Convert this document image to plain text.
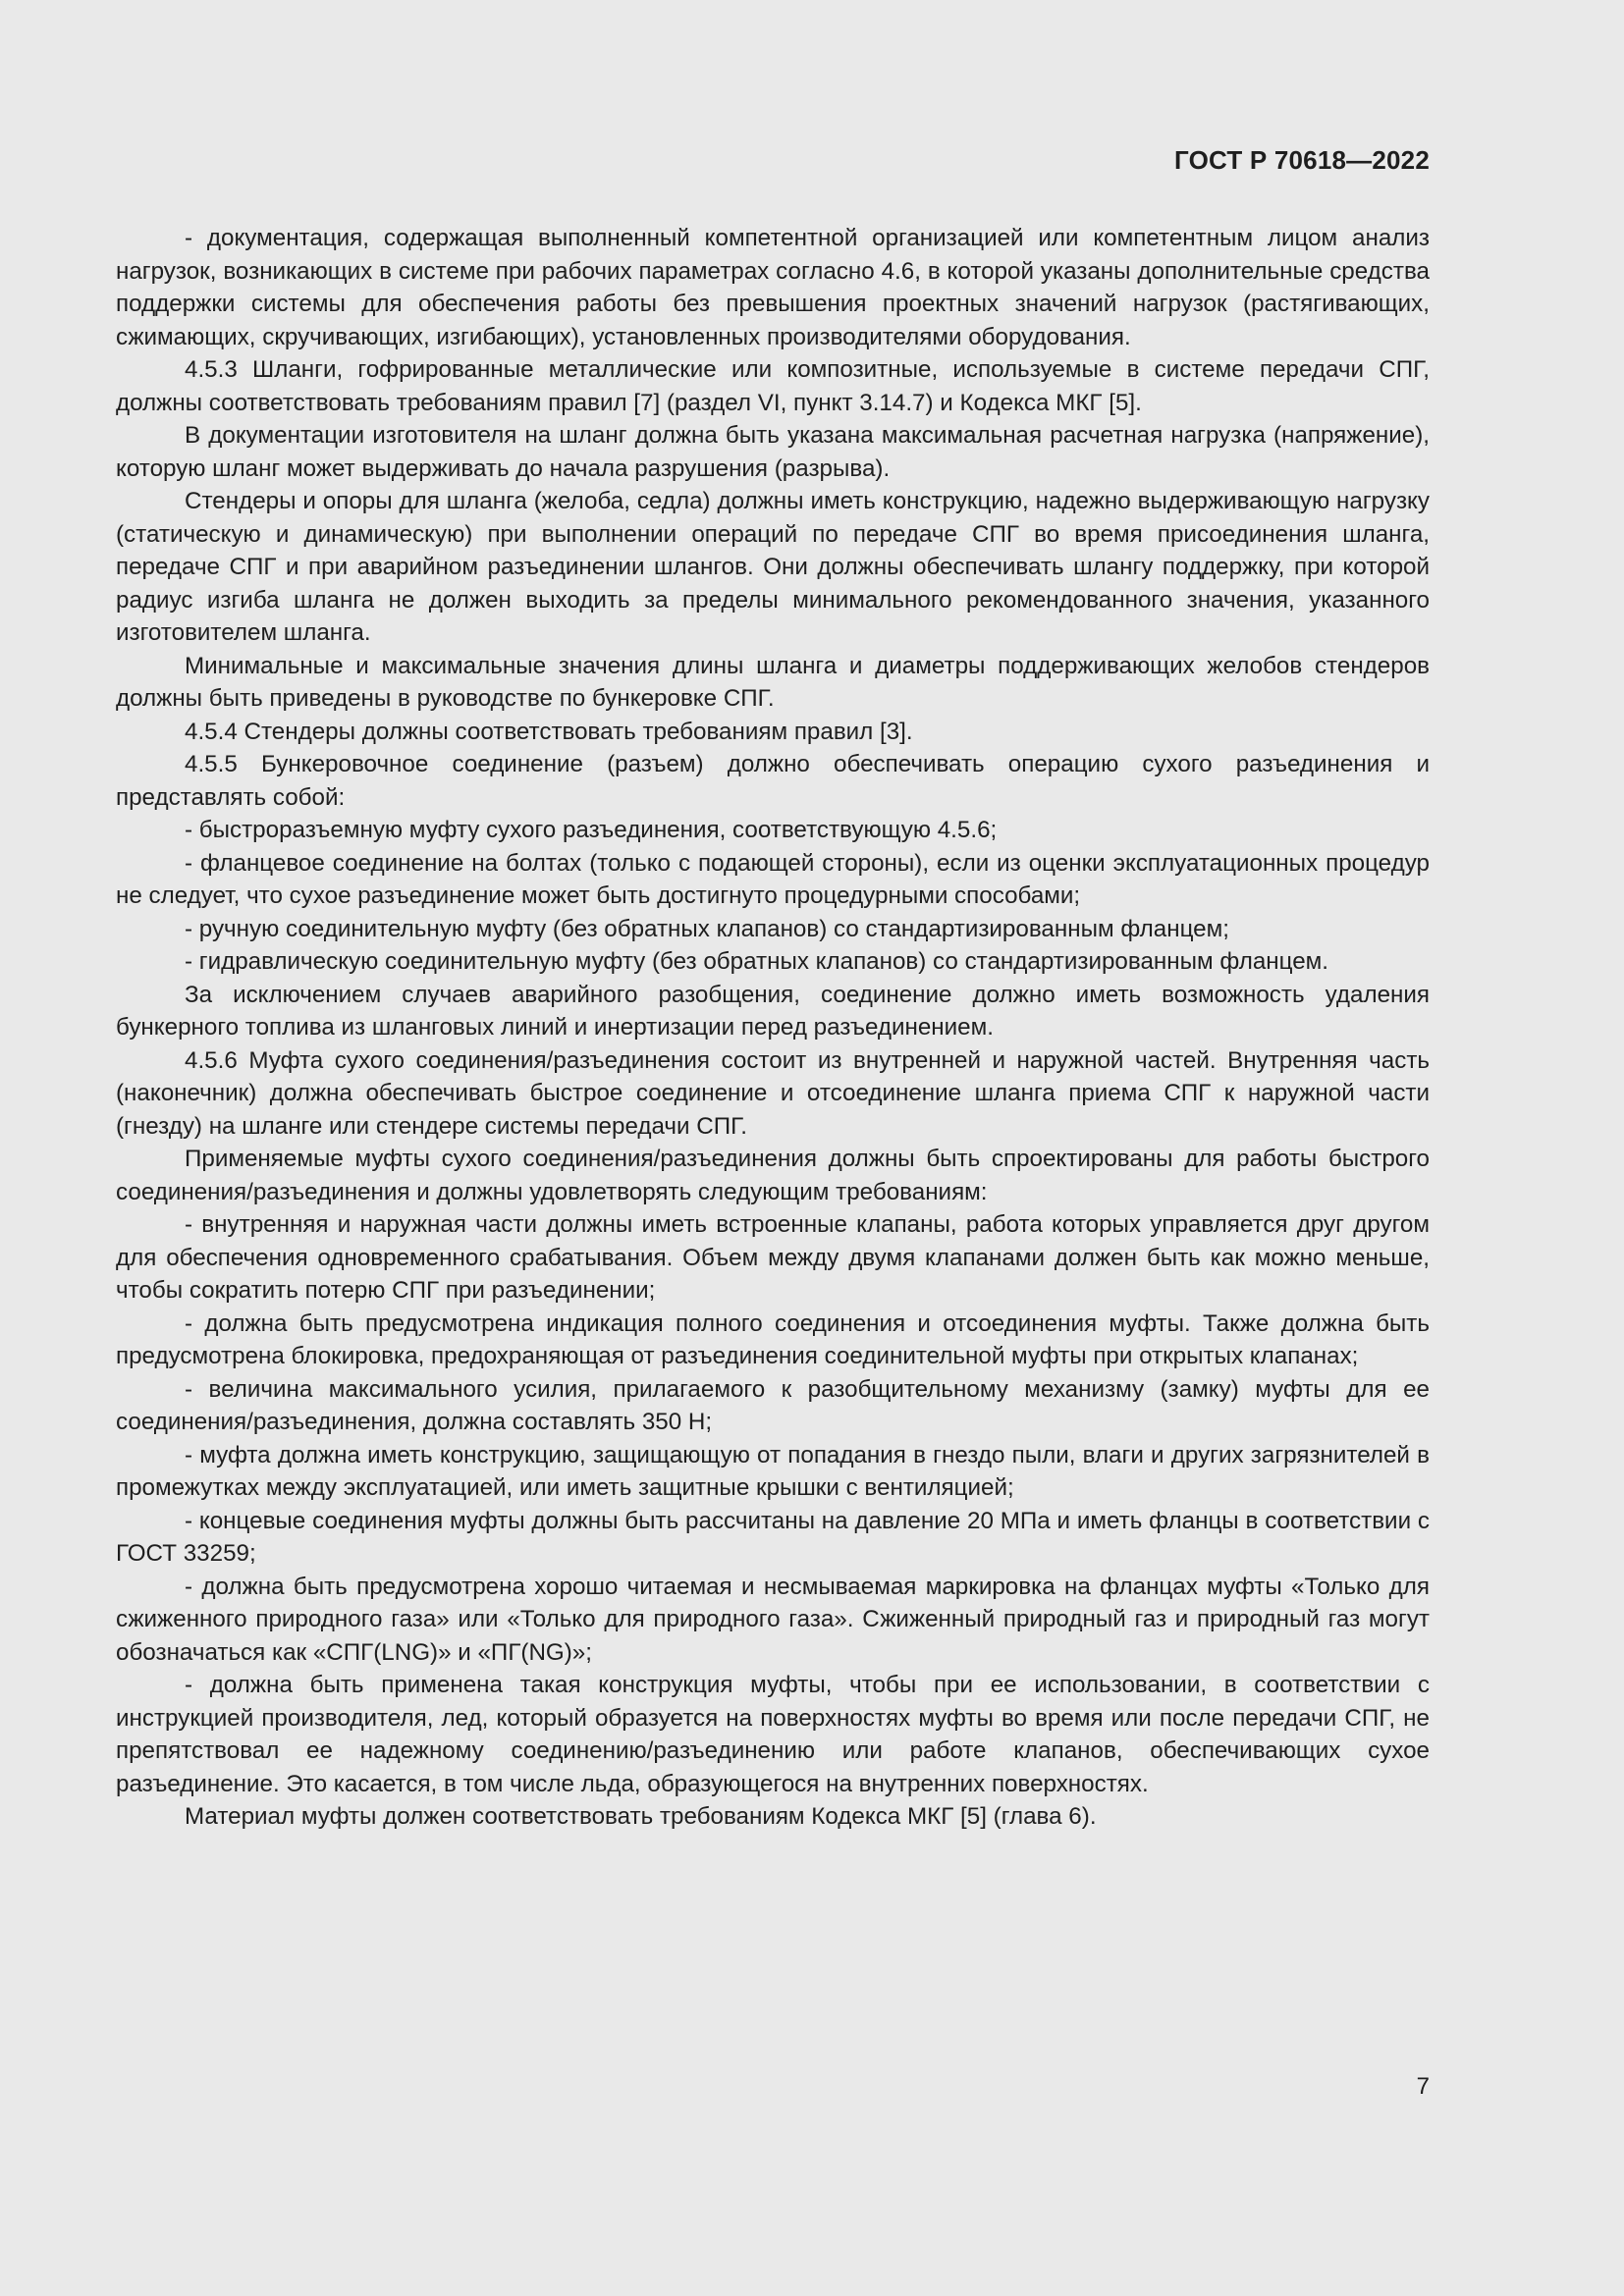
ГОСТ Р 70618—2022

- документация, содержащая выполненный компетентной организацией или компетентным лицом анализ нагрузок, возникающих в системе при рабочих параметрах согласно 4.6, в которой указаны дополнительные средства поддержки системы для обеспечения работы без превышения проектных значений нагрузок (растягивающих, сжимающих, скручивающих, изгибающих), установленных производителями оборудования.

4.5.3 Шланги, гофрированные металлические или композитные, используемые в системе передачи СПГ, должны соответствовать требованиям правил [7] (раздел VI, пункт 3.14.7) и Кодекса МКГ [5].

В документации изготовителя на шланг должна быть указана максимальная расчетная нагрузка (напряжение), которую шланг может выдерживать до начала разрушения (разрыва).

Стендеры и опоры для шланга (желоба, седла) должны иметь конструкцию, надежно выдерживающую нагрузку (статическую и динамическую) при выполнении операций по передаче СПГ во время присоединения шланга, передаче СПГ и при аварийном разъединении шлангов. Они должны обеспечивать шлангу поддержку, при которой радиус изгиба шланга не должен выходить за пределы минимального рекомендованного значения, указанного изготовителем шланга.

Минимальные и максимальные значения длины шланга и диаметры поддерживающих желобов стендеров должны быть приведены в руководстве по бункеровке СПГ.

4.5.4 Стендеры должны соответствовать требованиям правил [3].

4.5.5 Бункеровочное соединение (разъем) должно обеспечивать операцию сухого разъединения и представлять собой:

- быстроразъемную муфту сухого разъединения, соответствующую 4.5.6;

- фланцевое соединение на болтах (только с подающей стороны), если из оценки эксплуатационных процедур не следует, что сухое разъединение может быть достигнуто процедурными способами;

- ручную соединительную муфту (без обратных клапанов) со стандартизированным фланцем;

- гидравлическую соединительную муфту (без обратных клапанов) со стандартизированным фланцем.

За исключением случаев аварийного разобщения, соединение должно иметь возможность удаления бункерного топлива из шланговых линий и инертизации перед разъединением.

4.5.6 Муфта сухого соединения/разъединения состоит из внутренней и наружной частей. Внутренняя часть (наконечник) должна обеспечивать быстрое соединение и отсоединение шланга приема СПГ к наружной части (гнезду) на шланге или стендере системы передачи СПГ.

Применяемые муфты сухого соединения/разъединения должны быть спроектированы для работы быстрого соединения/разъединения и должны удовлетворять следующим требованиям:

- внутренняя и наружная части должны иметь встроенные клапаны, работа которых управляется друг другом для обеспечения одновременного срабатывания. Объем между двумя клапанами должен быть как можно меньше, чтобы сократить потерю СПГ при разъединении;

- должна быть предусмотрена индикация полного соединения и отсоединения муфты. Также должна быть предусмотрена блокировка, предохраняющая от разъединения соединительной муфты при открытых клапанах;

- величина максимального усилия, прилагаемого к разобщительному механизму (замку) муфты для ее соединения/разъединения, должна составлять 350 Н;

- муфта должна иметь конструкцию, защищающую от попадания в гнездо пыли, влаги и других загрязнителей в промежутках между эксплуатацией, или иметь защитные крышки с вентиляцией;

- концевые соединения муфты должны быть рассчитаны на давление 20 МПа и иметь фланцы в соответствии с ГОСТ 33259;

- должна быть предусмотрена хорошо читаемая и несмываемая маркировка на фланцах муфты «Только для сжиженного природного газа» или «Только для природного газа». Сжиженный природный газ и природный газ могут обозначаться как «СПГ(LNG)» и «ПГ(NG)»;

- должна быть применена такая конструкция муфты, чтобы при ее использовании, в соответствии с инструкцией производителя, лед, который образуется на поверхностях муфты во время или после передачи СПГ, не препятствовал ее надежному соединению/разъединению или работе клапанов, обеспечивающих сухое разъединение. Это касается, в том числе льда, образующегося на внутренних поверхностях.

Материал муфты должен соответствовать требованиям Кодекса МКГ [5] (глава 6).

7
